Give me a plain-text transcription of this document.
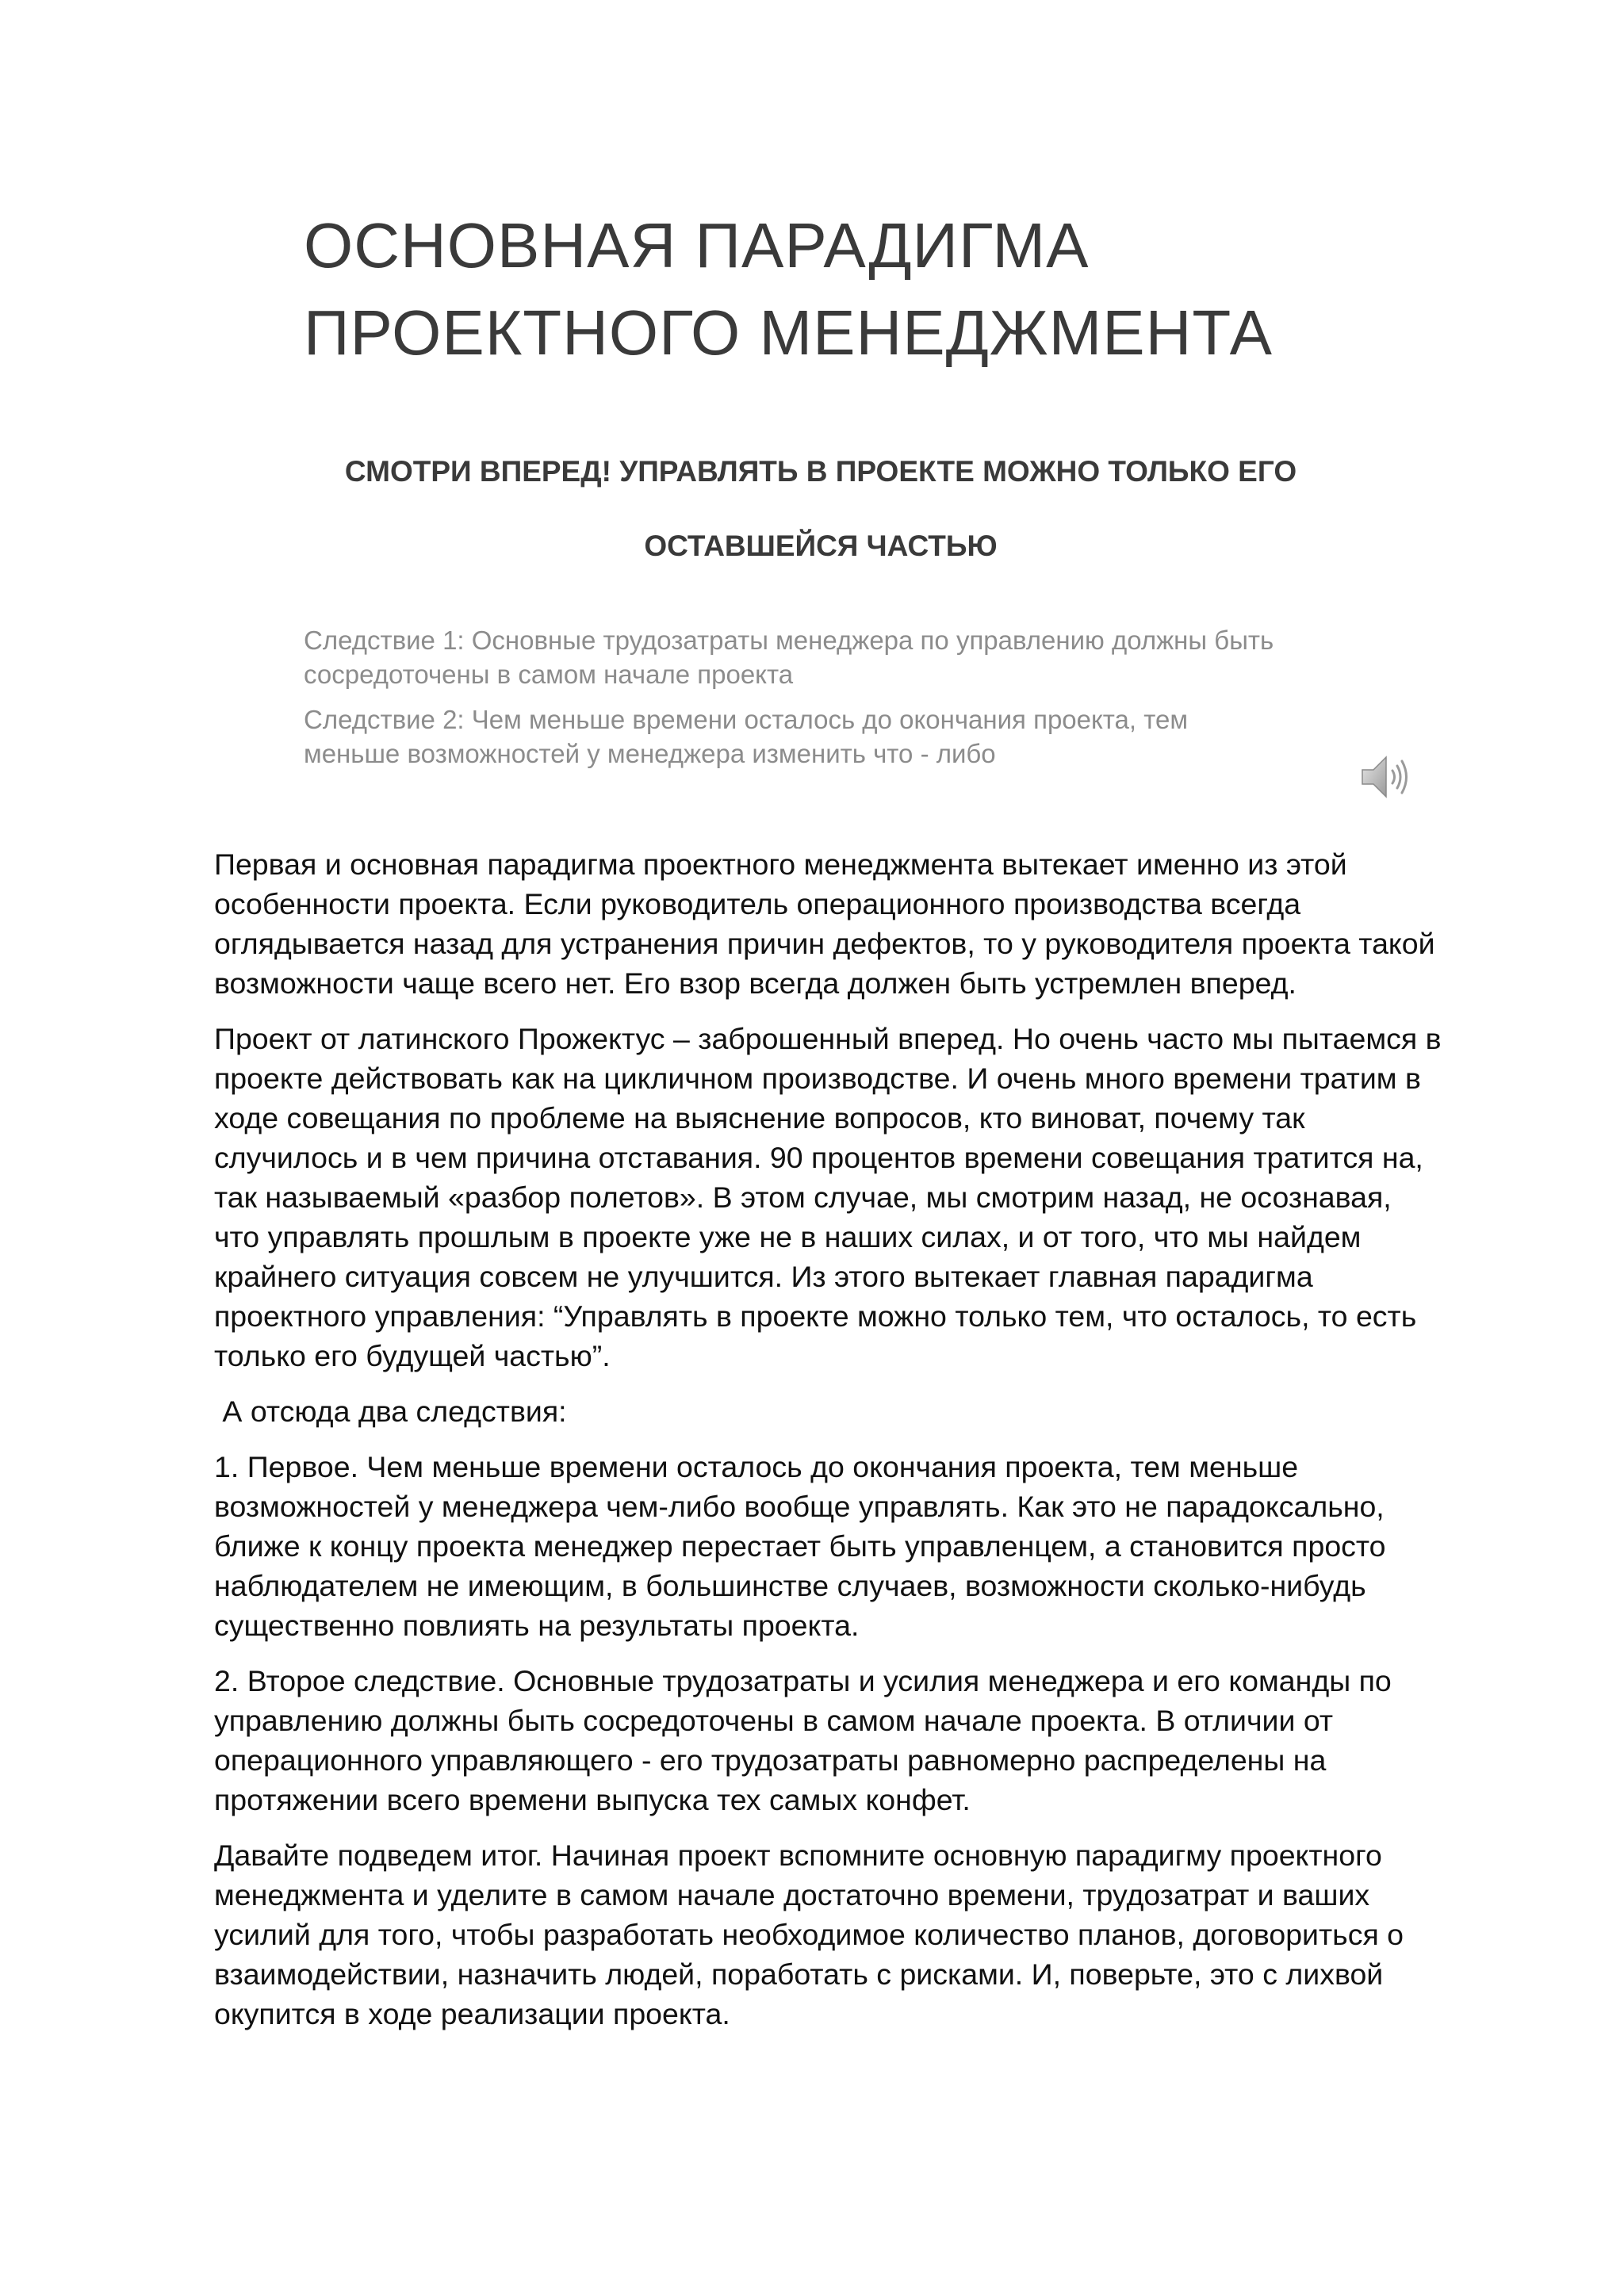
ОСНОВНАЯ ПАРАДИГМА
ПРОЕКТНОГО МЕНЕДЖМЕНТА
СМОТРИ ВПЕРЕД! УПРАВЛЯТЬ В ПРОЕКТЕ МОЖНО ТОЛЬКО ЕГО
ОСТАВШЕЙСЯ ЧАСТЬЮ

Следствие 1: Основные трудозатраты менеджера по управлению должны быть
сосредоточены в самом начале проекта

Следствие 2: Чем меньше времени осталось до окончания проекта, тем
меньше возможностей у менеджера изменить что - либо

Первая и основная парадигма проектного менеджмента вытекает именно из этой
особенности проекта. Если руководитель операционного производства всегда
оглядывается назад для устранения причин дефектов, то у руководителя проекта такой
возможности чаще всего нет. Его взор всегда должен быть устремлен вперед.

Проект от латинского Прожектус – заброшенный вперед. Но очень часто мы пытаемся в
проекте действовать как на цикличном производстве. И очень много времени тратим в
ходе совещания по проблеме на выяснение вопросов, кто виноват, почему так
случилось и в чем причина отставания. 90 процентов времени совещания тратится на,
так называемый «разбор полетов». В этом случае, мы смотрим назад, не осознавая,
что управлять прошлым в проекте уже не в наших силах, и от того, что мы найдем
крайнего ситуация совсем не улучшится. Из этого вытекает главная парадигма
проектного управления: “Управлять в проекте можно только тем, что осталось, то есть
только его будущей частью”.

А отсюда два следствия:

1. Первое. Чем меньше времени осталось до окончания проекта, тем меньше
возможностей у менеджера чем-либо вообще управлять. Как это не парадоксально,
ближе к концу проекта менеджер перестает быть управленцем, а становится просто
наблюдателем не имеющим, в большинстве случаев, возможности сколько-нибудь
существенно повлиять на результаты проекта.

2. Второе следствие. Основные трудозатраты и усилия менеджера и его команды по
управлению должны быть сосредоточены в самом начале проекта. В отличии от
операционного управляющего - его трудозатраты равномерно распределены на
протяжении всего времени выпуска тех самых конфет.

Давайте подведем итог. Начиная проект вспомните основную парадигму проектного
менеджмента и уделите в самом начале достаточно времени, трудозатрат и ваших
усилий для того, чтобы разработать необходимое количество планов, договориться о
взаимодействии, назначить людей, поработать с рисками. И, поверьте, это с лихвой
окупится в ходе реализации проекта.
